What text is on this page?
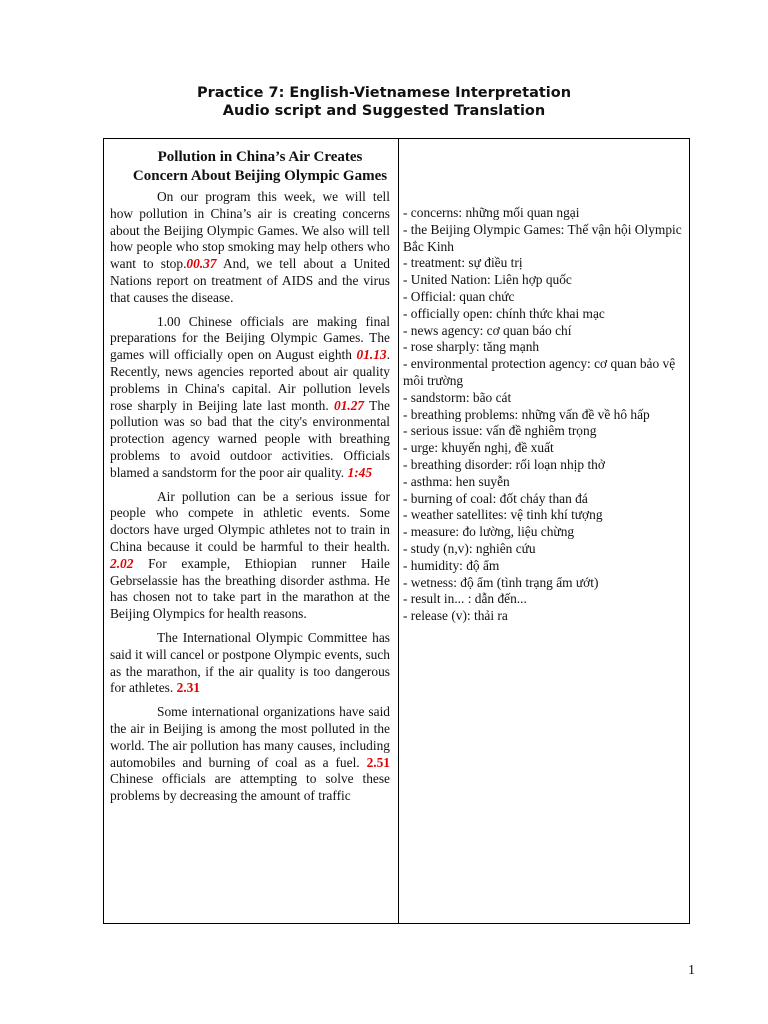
Practice 7: English-Vietnamese Interpretation
Audio script and Suggested Translation
Pollution in China’s Air Creates Concern About Beijing Olympic Games

On our program this week, we will tell how pollution in China’s air is creating concerns about the Beijing Olympic Games. We also will tell how people who stop smoking may help others who want to stop.00.37 And, we tell about a United Nations report on treatment of AIDS and the virus that causes the disease.

1.00 Chinese officials are making final preparations for the Beijing Olympic Games. The games will officially open on August eighth 01.13. Recently, news agencies reported about air quality problems in China's capital. Air pollution levels rose sharply in Beijing late last month. 01.27 The pollution was so bad that the city's environmental protection agency warned people with breathing problems to avoid outdoor activities. Officials blamed a sandstorm for the poor air quality. 1:45

Air pollution can be a serious issue for people who compete in athletic events. Some doctors have urged Olympic athletes not to train in China because it could be harmful to their health. 2.02 For example, Ethiopian runner Haile Gebrselassie has the breathing disorder asthma. He has chosen not to take part in the marathon at the Beijing Olympics for health reasons.

The International Olympic Committee has said it will cancel or postpone Olympic events, such as the marathon, if the air quality is too dangerous for athletes. 2.31

Some international organizations have said the air in Beijing is among the most polluted in the world. The air pollution has many causes, including automobiles and burning of coal as a fuel. 2.51 Chinese officials are attempting to solve these problems by decreasing the amount of traffic

- concerns: những mối quan ngại
- the Beijing Olympic Games: Thế vận hội Olympic Bắc Kinh
- treatment: sự điều trị
- United Nation: Liên hợp quốc
- Official: quan chức
- officially open: chính thức khai mạc
- news agency: cơ quan báo chí
- rose sharply: tăng mạnh
- environmental protection agency: cơ quan bảo vệ môi trường
- sandstorm: bão cát
- breathing problems: những vấn đề về hô hấp
- serious issue: vấn đề nghiêm trọng
- urge: khuyến nghị, đề xuất
- breathing disorder: rối loạn nhịp thở
- asthma: hen suyễn
- burning of coal: đốt cháy than đá
- weather satellites: vệ tinh khí tượng
- measure: đo lường, liệu chừng
- study (n,v): nghiên cứu
- humidity: độ ẩm
- wetness: độ ẩm (tình trạng ẩm ướt)
- result in... : dẫn đến...
- release (v): thải ra
1
